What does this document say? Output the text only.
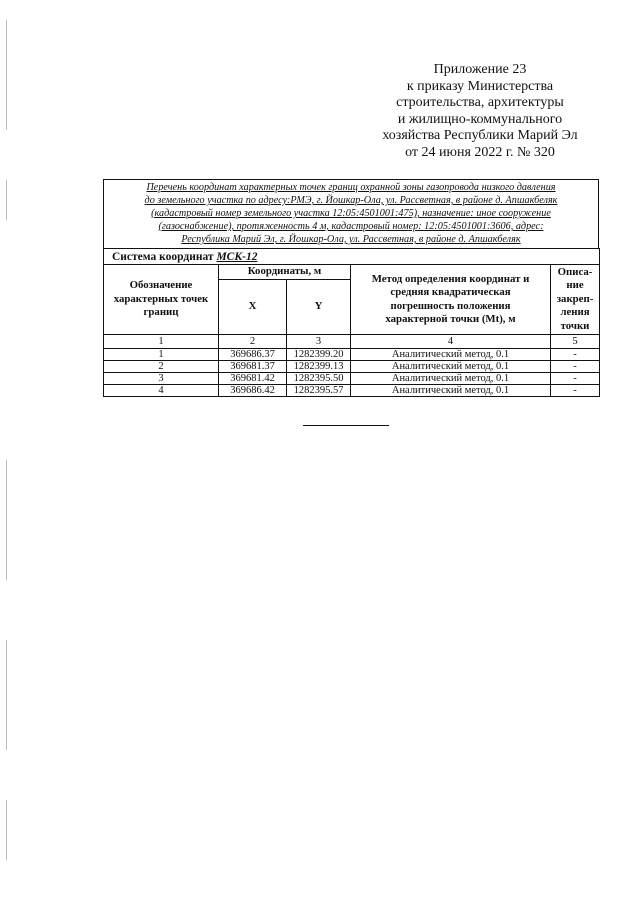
Приложение 23
к приказу Министерства
строительства, архитектуры
и жилищно-коммунального
хозяйства Республики Марий Эл
от 24 июня 2022 г. № 320
Перечень координат характерных точек границ охранной зоны газопровода низкого давления
до земельного участка по адресу:РМЭ, г. Йошкар-Ола, ул. Рассветная, в районе д. Апшакбеляк
(кадастровый номер земельного участка 12:05:4501001:475), назначение: иное сооружение
(газоснабжение), протяженность 4 м, кадастровый номер: 12:05:4501001:3606, адрес:
Республика Марий Эл, г. Йошкар-Ола, ул. Рассветная, в районе д. Апшакбеляк
Система координат МСК-12				
Обозначение характерных точек границ	Координаты, м		Метод определения координат и средняя квадратическая погрешность положения характерной точки (Mt), м	Описа-ние закреп-ления точки
	X	Y		
1	2	3	4	5
1	369686.37	1282399.20	Аналитический метод, 0.1	-
2	369681.37	1282399.13	Аналитический метод, 0.1	-
3	369681.42	1282395.50	Аналитический метод, 0.1	-
4	369686.42	1282395.57	Аналитический метод, 0.1	-
